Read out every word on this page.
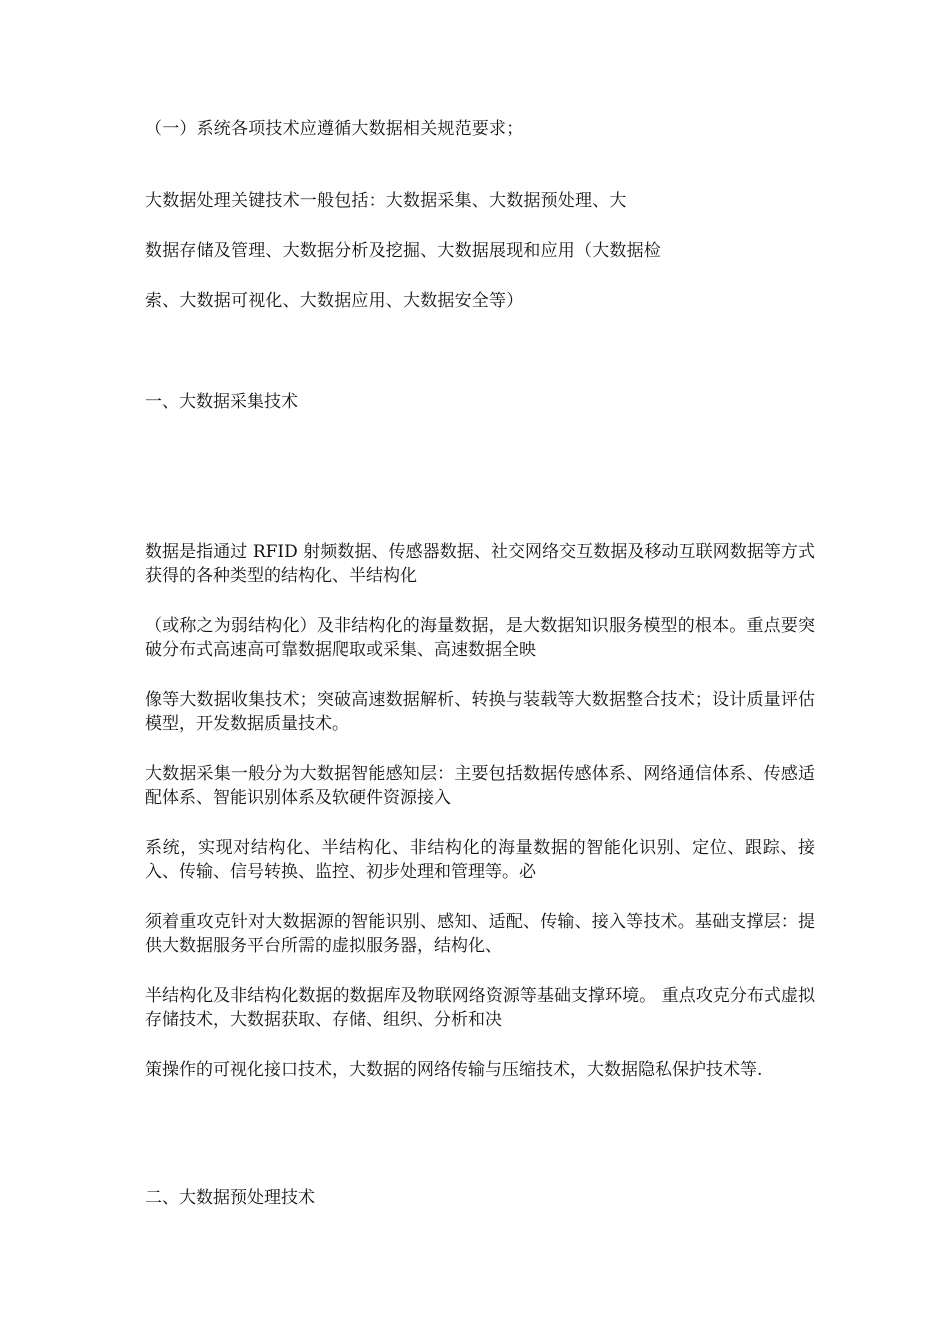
（一）系统各项技术应遵循大数据相关规范要求；
大数据处理关键技术一般包括：大数据采集、大数据预处理、大
数据存储及管理、大数据分析及挖掘、大数据展现和应用（大数据检
索、大数据可视化、大数据应用、大数据安全等）
一、大数据采集技术
数据是指通过 RFID 射频数据、传感器数据、社交网络交互数据及移动互联网数据等方式获得的各种类型的结构化、半结构化
（或称之为弱结构化）及非结构化的海量数据，是大数据知识服务模型的根本。重点要突破分布式高速高可靠数据爬取或采集、高速数据全映
像等大数据收集技术；突破高速数据解析、转换与装载等大数据整合技术；设计质量评估模型，开发数据质量技术。
大数据采集一般分为大数据智能感知层：主要包括数据传感体系、网络通信体系、传感适配体系、智能识别体系及软硬件资源接入
系统，实现对结构化、半结构化、非结构化的海量数据的智能化识别、定位、跟踪、接入、传输、信号转换、监控、初步处理和管理等。必
须着重攻克针对大数据源的智能识别、感知、适配、传输、接入等技术。基础支撑层：提供大数据服务平台所需的虚拟服务器，结构化、
半结构化及非结构化数据的数据库及物联网络资源等基础支撑环境。 重点攻克分布式虚拟存储技术，大数据获取、存储、组织、分析和决
策操作的可视化接口技术，大数据的网络传输与压缩技术，大数据隐私保护技术等.
二、大数据预处理技术
